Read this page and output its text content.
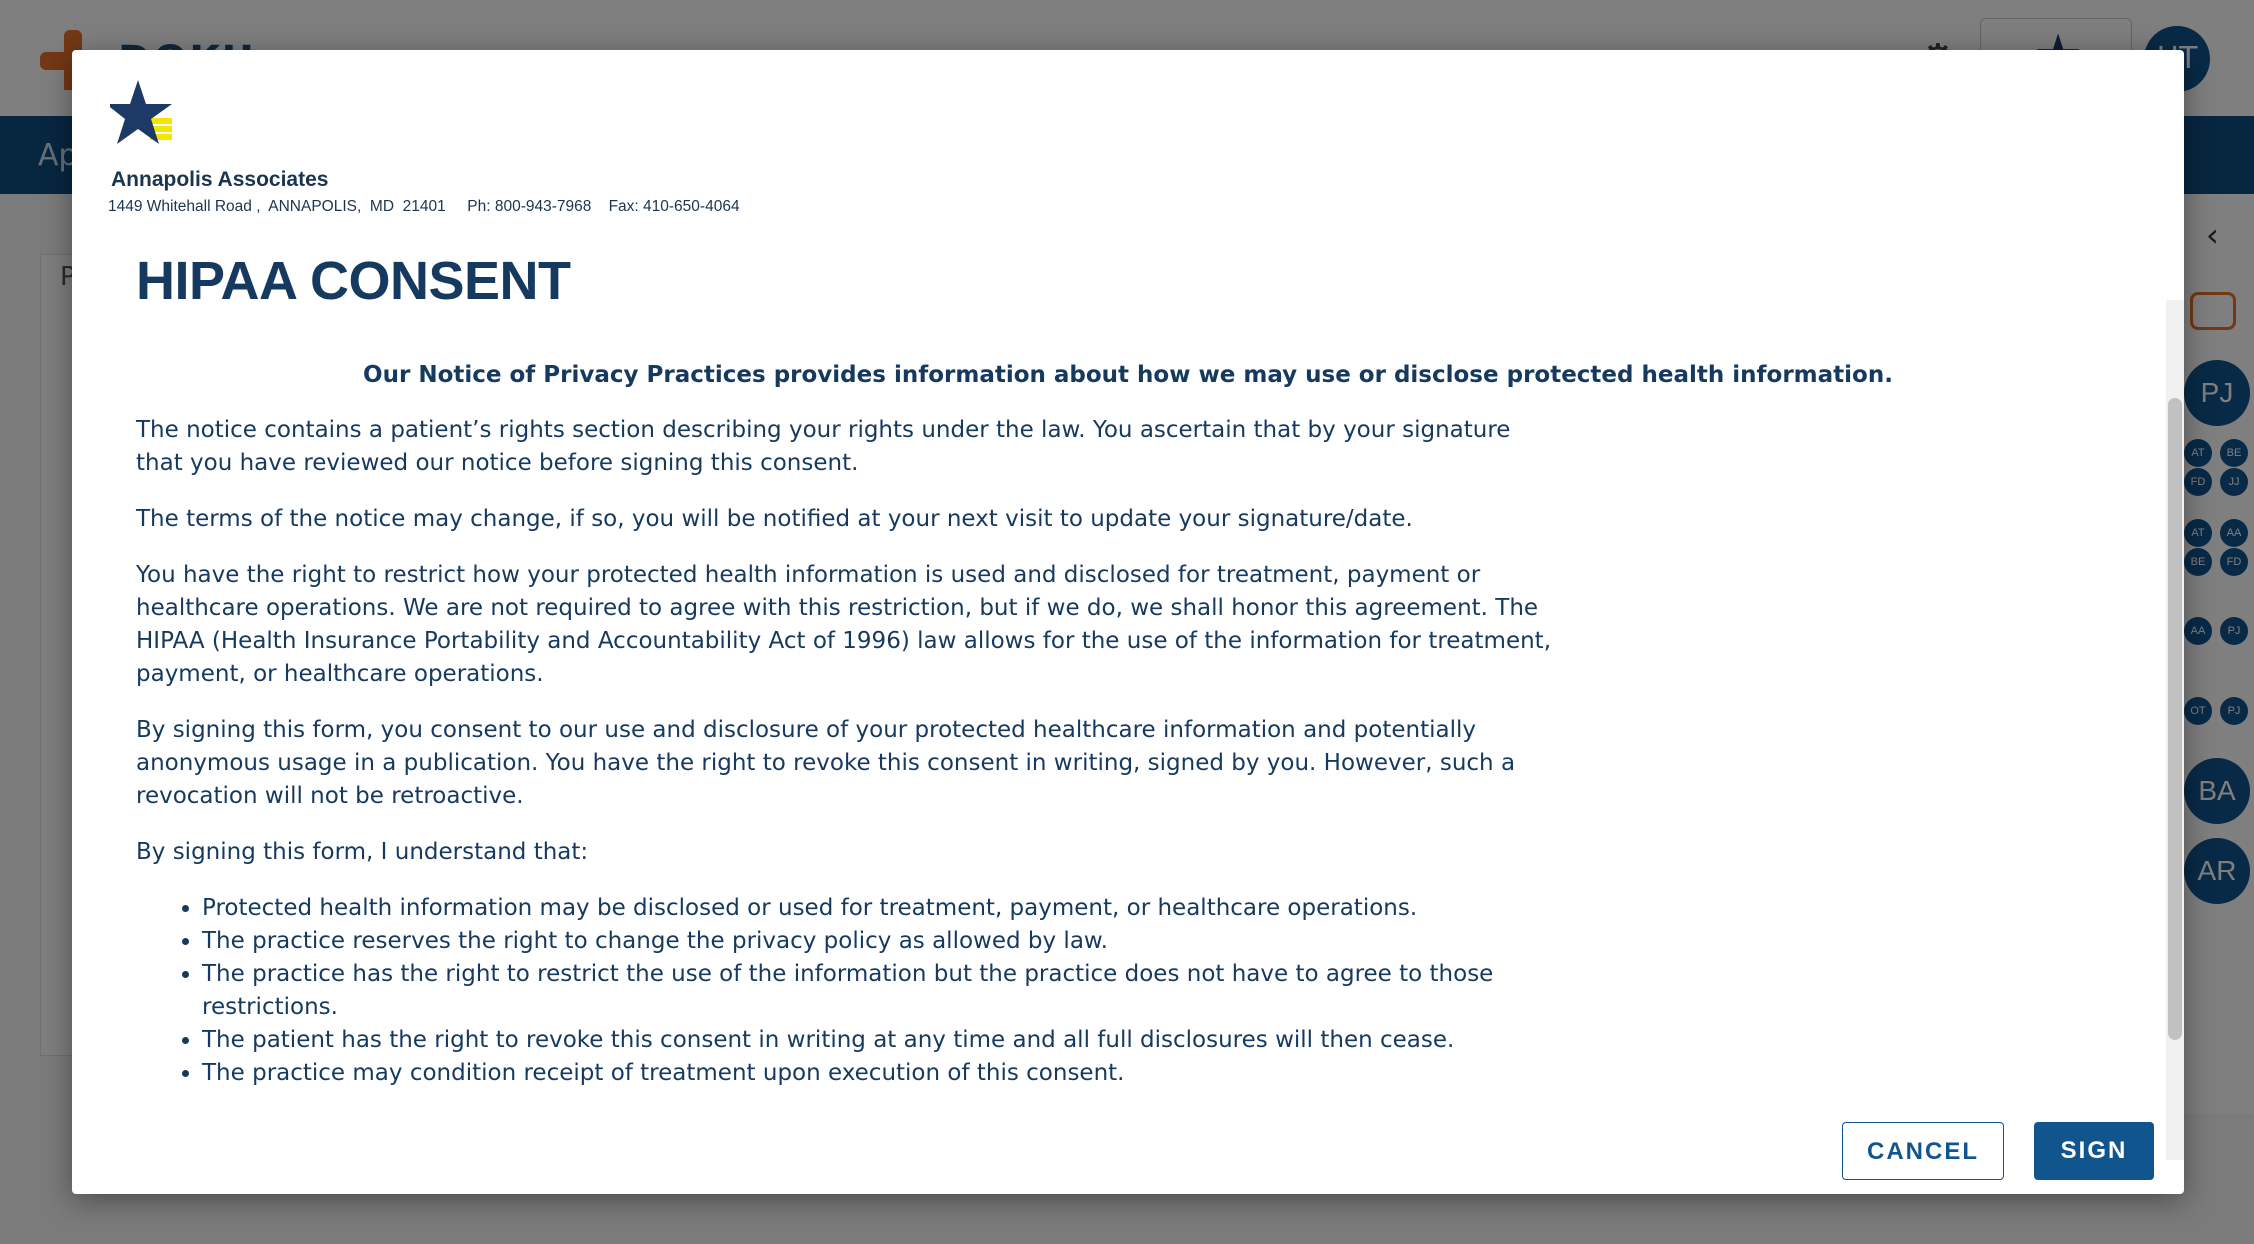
Annapolis Associates
1449 Whitehall Road ,  ANNAPOLIS,  MD  21401     Ph: 800-943-7968    Fax: 410-650-4064
HIPAA CONSENT

Our Notice of Privacy Practices provides information about how we may use or disclose protected health information.

The notice contains a patient’s rights section describing your rights under the law. You ascertain that by your signature that you have reviewed our notice before signing this consent.

The terms of the notice may change, if so, you will be notified at your next visit to update your signature/date.

You have the right to restrict how your protected health information is used and disclosed for treatment, payment or healthcare operations. We are not required to agree with this restriction, but if we do, we shall honor this agreement. The HIPAA (Health Insurance Portability and Accountability Act of 1996) law allows for the use of the information for treatment, payment, or healthcare operations.

By signing this form, you consent to our use and disclosure of your protected healthcare information and potentially anonymous usage in a publication. You have the right to revoke this consent in writing, signed by you. However, such a revocation will not be retroactive.

By signing this form, I understand that:

• Protected health information may be disclosed or used for treatment, payment, or healthcare operations.
• The practice reserves the right to change the privacy policy as allowed by law.
• The practice has the right to restrict the use of the information but the practice does not have to agree to those restrictions.
• The patient has the right to revoke this consent in writing at any time and all full disclosures will then cease.
• The practice may condition receipt of treatment upon execution of this consent.
CANCEL	SIGN
